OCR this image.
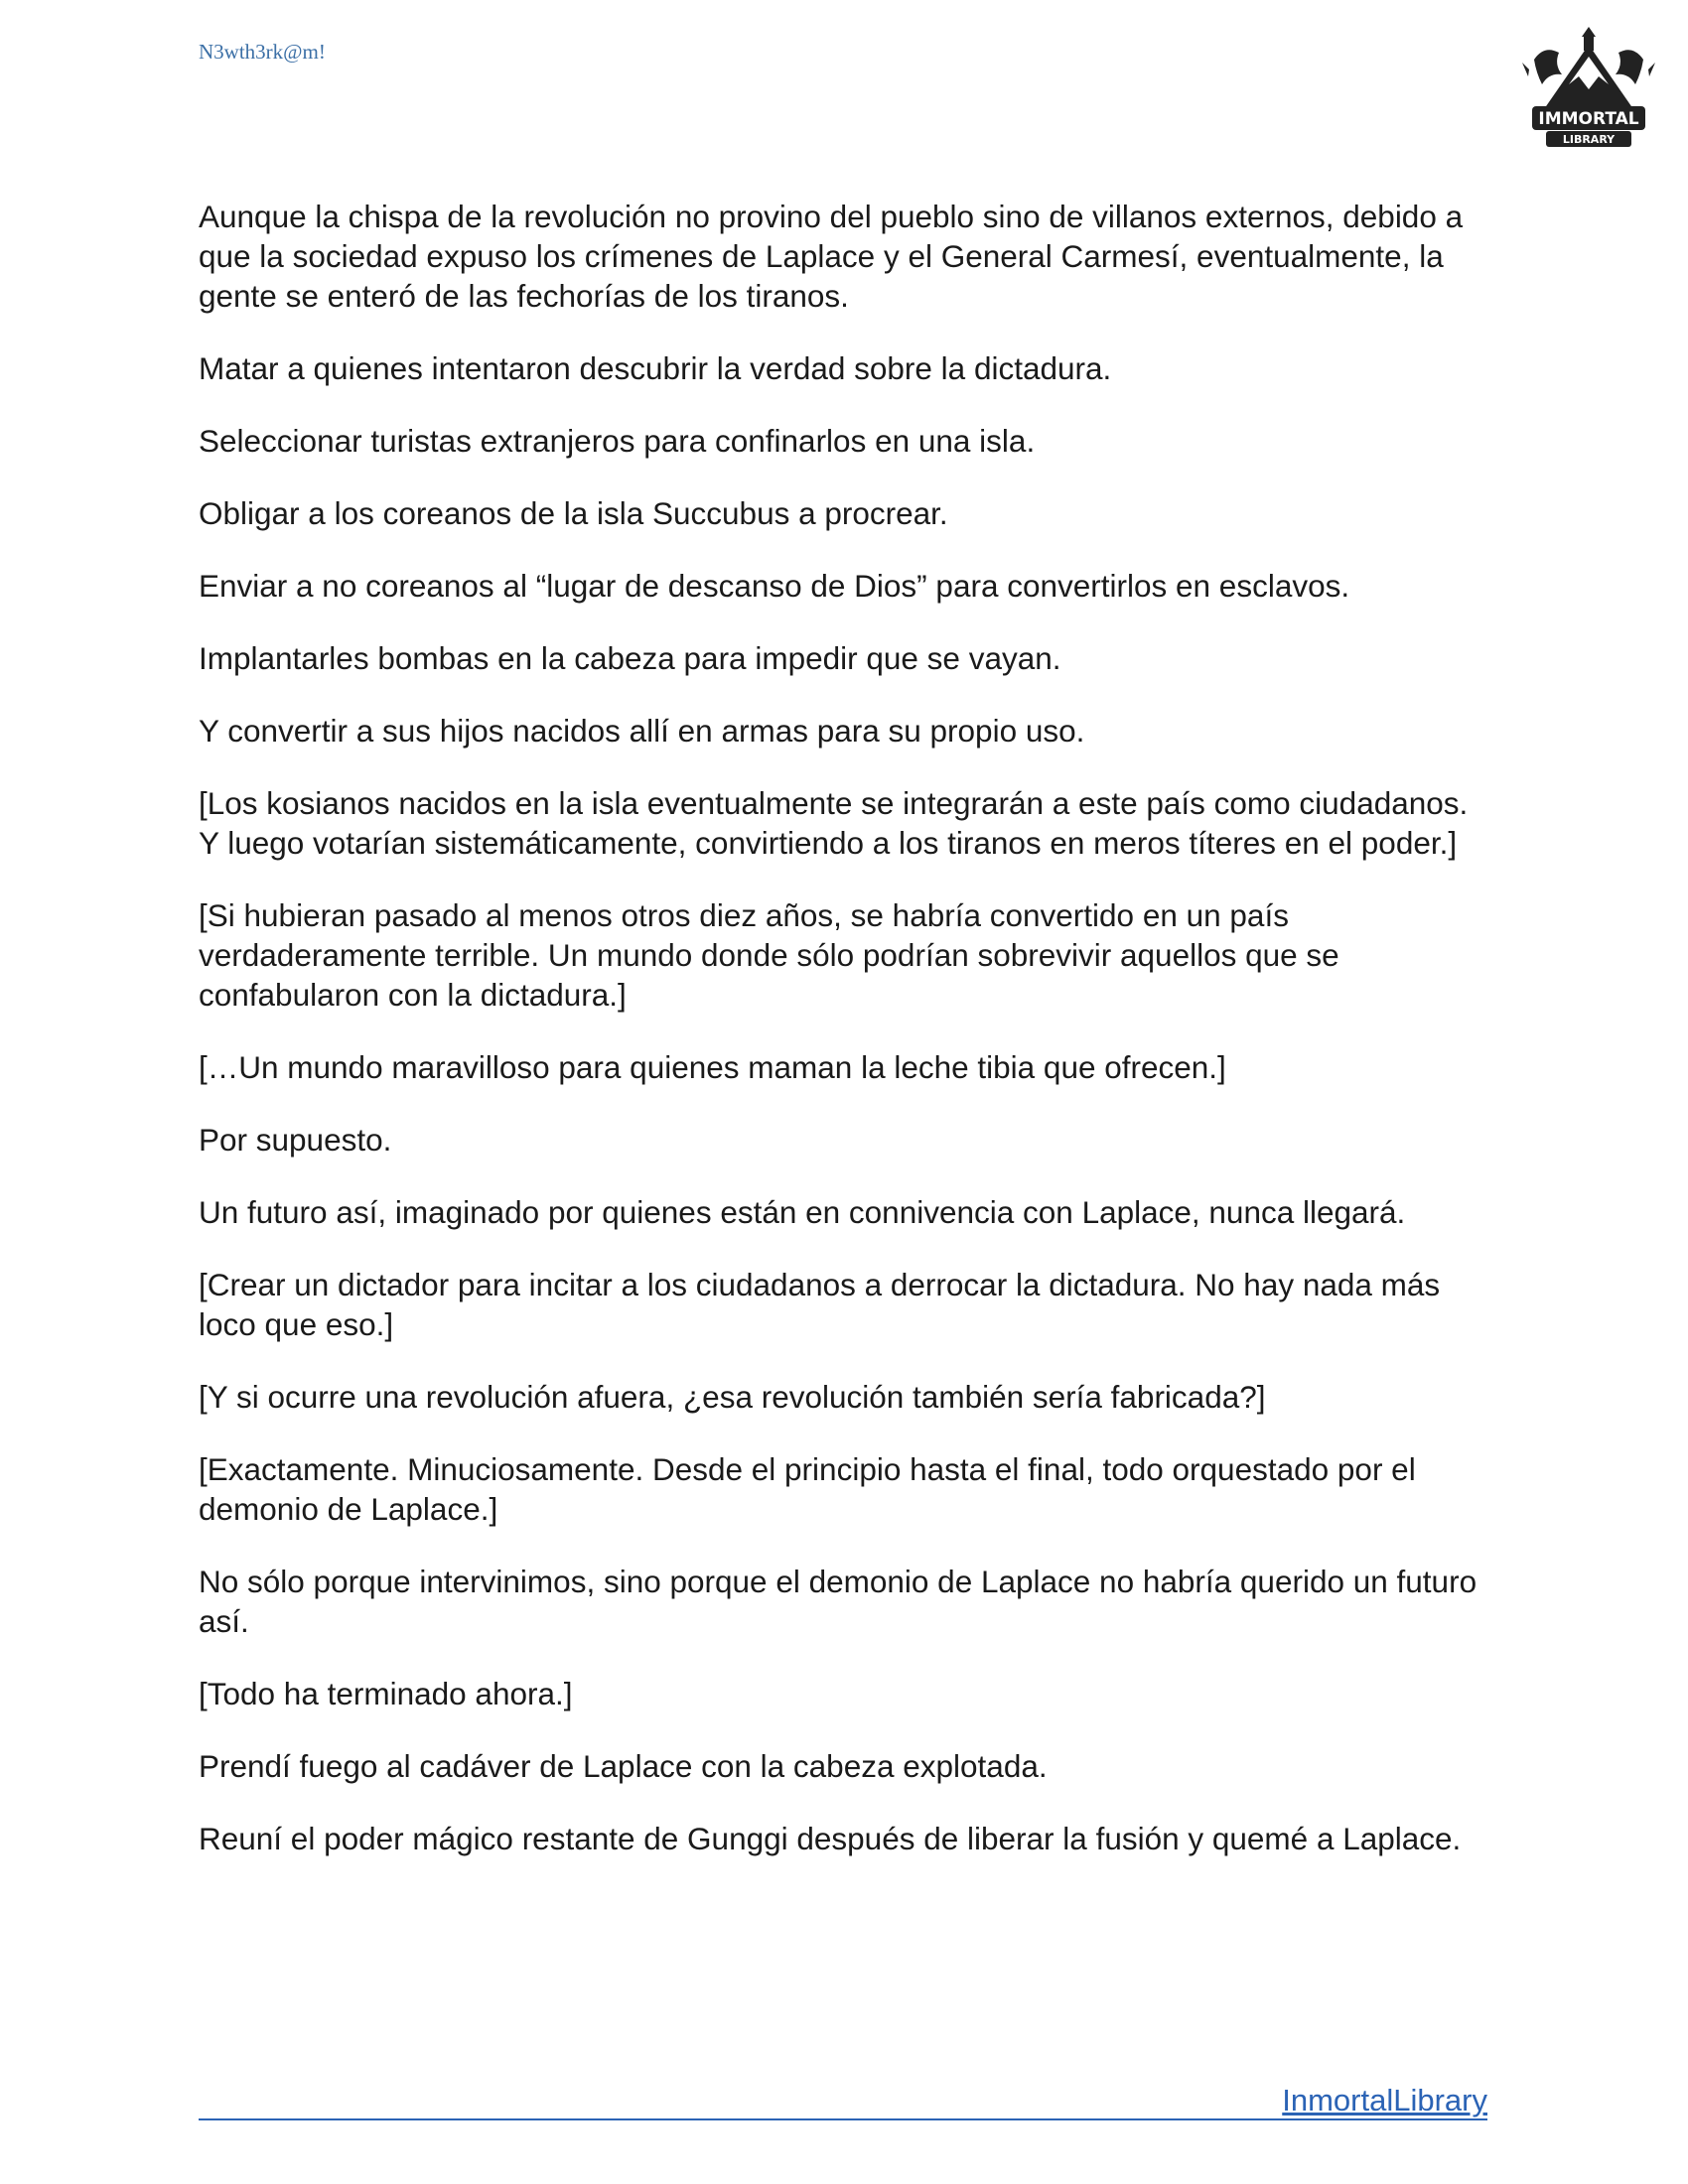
N3wth3rk@m!
IMMORTAL
LIBRARY

Aunque la chispa de la revolución no provino del pueblo sino de villanos externos, debido a que la sociedad expuso los crímenes de Laplace y el General Carmesí, eventualmente, la gente se enteró de las fechorías de los tiranos.

Matar a quienes intentaron descubrir la verdad sobre la dictadura.

Seleccionar turistas extranjeros para confinarlos en una isla.

Obligar a los coreanos de la isla Succubus a procrear.

Enviar a no coreanos al “lugar de descanso de Dios” para convertirlos en esclavos.

Implantarles bombas en la cabeza para impedir que se vayan.

Y convertir a sus hijos nacidos allí en armas para su propio uso.

[Los kosianos nacidos en la isla eventualmente se integrarán a este país como ciudadanos. Y luego votarían sistemáticamente, convirtiendo a los tiranos en meros títeres en el poder.]

[Si hubieran pasado al menos otros diez años, se habría convertido en un país verdaderamente terrible. Un mundo donde sólo podrían sobrevivir aquellos que se confabularon con la dictadura.]

[…Un mundo maravilloso para quienes maman la leche tibia que ofrecen.]

Por supuesto.

Un futuro así, imaginado por quienes están en connivencia con Laplace, nunca llegará.

[Crear un dictador para incitar a los ciudadanos a derrocar la dictadura. No hay nada más loco que eso.]

[Y si ocurre una revolución afuera, ¿esa revolución también sería fabricada?]

[Exactamente. Minuciosamente. Desde el principio hasta el final, todo orquestado por el demonio de Laplace.]

No sólo porque intervinimos, sino porque el demonio de Laplace no habría querido un futuro así.

[Todo ha terminado ahora.]

Prendí fuego al cadáver de Laplace con la cabeza explotada.

Reuní el poder mágico restante de Gunggi después de liberar la fusión y quemé a Laplace.

InmortalLibrary
